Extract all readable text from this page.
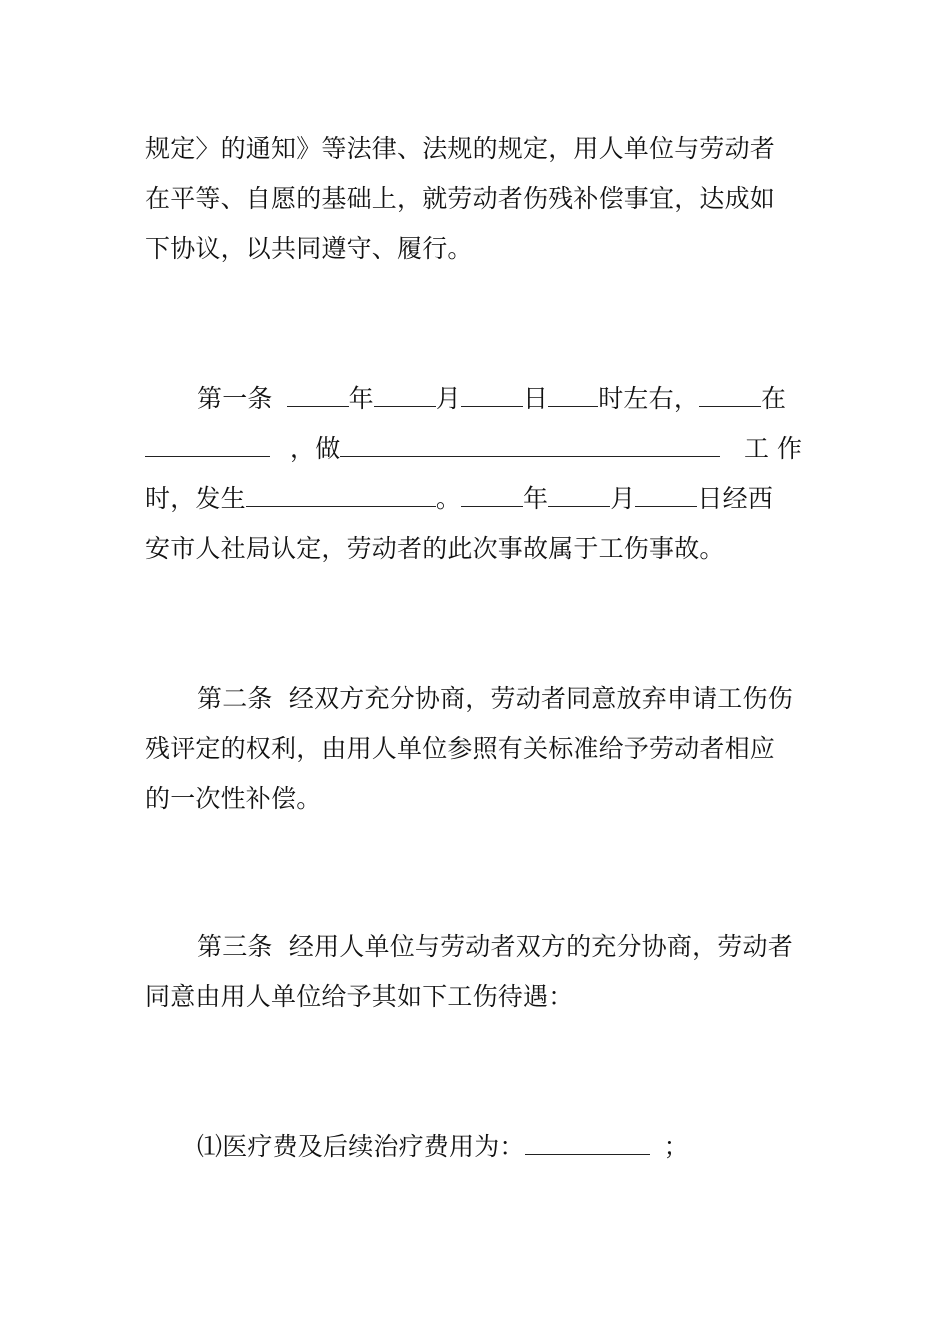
规定〉的通知》等法律、法规的规定，用人单位与劳动者
在平等、自愿的基础上，就劳动者伤残补偿事宜，达成如
下协议，以共同遵守、履行。
第一条	年 月 日 时左右， 在
，做	工作
时，发生	。 年 月 日经西
安市人社局认定，劳动者的此次事故属于工伤事故。
第二条  经双方充分协商，劳动者同意放弃申请工伤伤
残评定的权利，由用人单位参照有关标准给予劳动者相应
的一次性补偿。
第三条  经用人单位与劳动者双方的充分协商，劳动者
同意由用人单位给予其如下工伤待遇：
⑴医疗费及后续治疗费用为：	；
